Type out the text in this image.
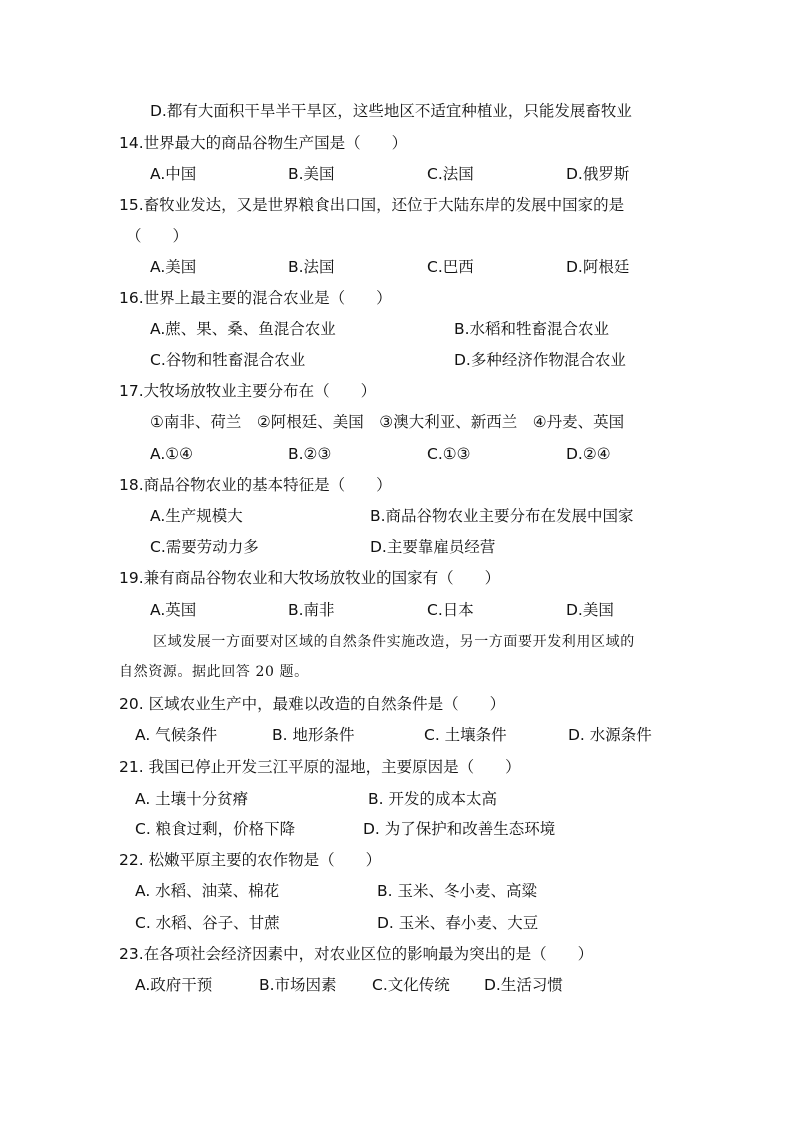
D.都有大面积干旱半干旱区，这些地区不适宜种植业，只能发展畜牧业
14.世界最大的商品谷物生产国是（　　）
A.中国	B.美国	C.法国	D.俄罗斯
15.畜牧业发达，又是世界粮食出口国，还位于大陆东岸的发展中国家的是
（　　）
A.美国	B.法国	C.巴西	D.阿根廷
16.世界上最主要的混合农业是（　　）
A.蔗、果、桑、鱼混合农业	B.水稻和牲畜混合农业
C.谷物和牲畜混合农业	D.多种经济作物混合农业
17.大牧场放牧业主要分布在（　　）
①南非、荷兰　②阿根廷、美国　③澳大利亚、新西兰　④丹麦、英国
A.①④	B.②③	C.①③	D.②④
18.商品谷物农业的基本特征是（　　）
A.生产规模大	B.商品谷物农业主要分布在发展中国家
C.需要劳动力多	D.主要靠雇员经营
19.兼有商品谷物农业和大牧场放牧业的国家有（　　）
A.英国	B.南非	C.日本	D.美国
区域发展一方面要对区域的自然条件实施改造，另一方面要开发利用区域的
自然资源。据此回答 20 题。
20. 区域农业生产中，最难以改造的自然条件是（　　）
A. 气候条件	B. 地形条件	C. 土壤条件	D. 水源条件
21. 我国已停止开发三江平原的湿地，主要原因是（　　）
A. 土壤十分贫瘠	B. 开发的成本太高
C. 粮食过剩，价格下降	D. 为了保护和改善生态环境
22. 松嫩平原主要的农作物是（　　）
A. 水稻、油菜、棉花	B. 玉米、冬小麦、高粱
C. 水稻、谷子、甘蔗	D. 玉米、春小麦、大豆
23.在各项社会经济因素中，对农业区位的影响最为突出的是（　　）
A.政府干预	B.市场因素 C.文化传统 D.生活习惯
